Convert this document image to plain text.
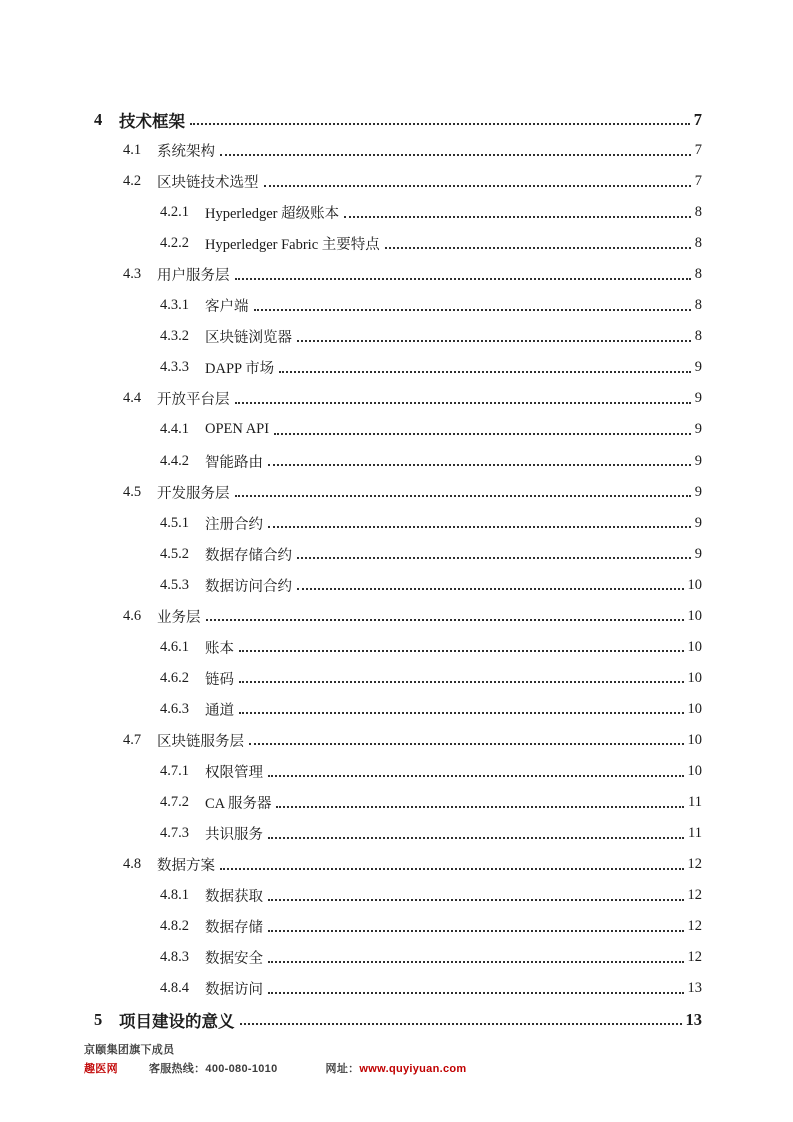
4	技术框架	7
4.1	系统架构	7
4.2	区块链技术选型	7
4.2.1	Hyperledger 超级账本	8
4.2.2	Hyperledger Fabric 主要特点	8
4.3	用户服务层	8
4.3.1	客户端	8
4.3.2	区块链浏览器	8
4.3.3	DAPP 市场	9
4.4	开放平台层	9
4.4.1	OPEN API	9
4.4.2	智能路由	9
4.5	开发服务层	9
4.5.1	注册合约	9
4.5.2	数据存储合约	9
4.5.3	数据访问合约	10
4.6	业务层	10
4.6.1	账本	10
4.6.2	链码	10
4.6.3	通道	10
4.7	区块链服务层	10
4.7.1	权限管理	10
4.7.2	CA 服务器	11
4.7.3	共识服务	11
4.8	数据方案	12
4.8.1	数据获取	12
4.8.2	数据存储	12
4.8.3	数据安全	12
4.8.4	数据访问	13
5	项目建设的意义	13
京颐集团旗下成员
趣医网	客服热线： 400-080-1010	网址： www.quyiyuan.com
